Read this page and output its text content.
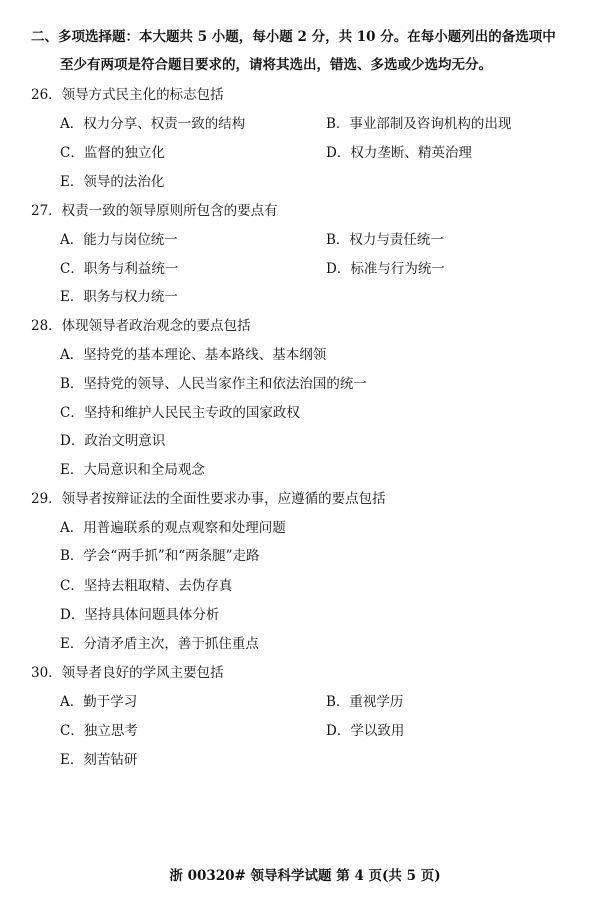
二、多项选择题：本大题共 5 小题，每小题 2 分，共 10 分。在每小题列出的备选项中
至少有两项是符合题目要求的，请将其选出，错选、多选或少选均无分。
26．领导方式民主化的标志包括
A．权力分享、权责一致的结构	B．事业部制及咨询机构的出现
C．监督的独立化	D．权力垄断、精英治理
E．领导的法治化
27．权责一致的领导原则所包含的要点有
A．能力与岗位统一	B．权力与责任统一
C．职务与利益统一	D．标准与行为统一
E．职务与权力统一
28．体现领导者政治观念的要点包括
A．坚持党的基本理论、基本路线、基本纲领
B．坚持党的领导、人民当家作主和依法治国的统一
C．坚持和维护人民民主专政的国家政权
D．政治文明意识
E．大局意识和全局观念
29．领导者按辩证法的全面性要求办事，应遵循的要点包括
A．用普遍联系的观点观察和处理问题
B．学会“两手抓”和“两条腿”走路
C．坚持去粗取精、去伪存真
D．坚持具体问题具体分析
E．分清矛盾主次，善于抓住重点
30．领导者良好的学风主要包括
A．勤于学习	B．重视学历
C．独立思考	D．学以致用
E．刻苦钻研
浙 00320# 领导科学试题 第 4 页(共 5 页)
